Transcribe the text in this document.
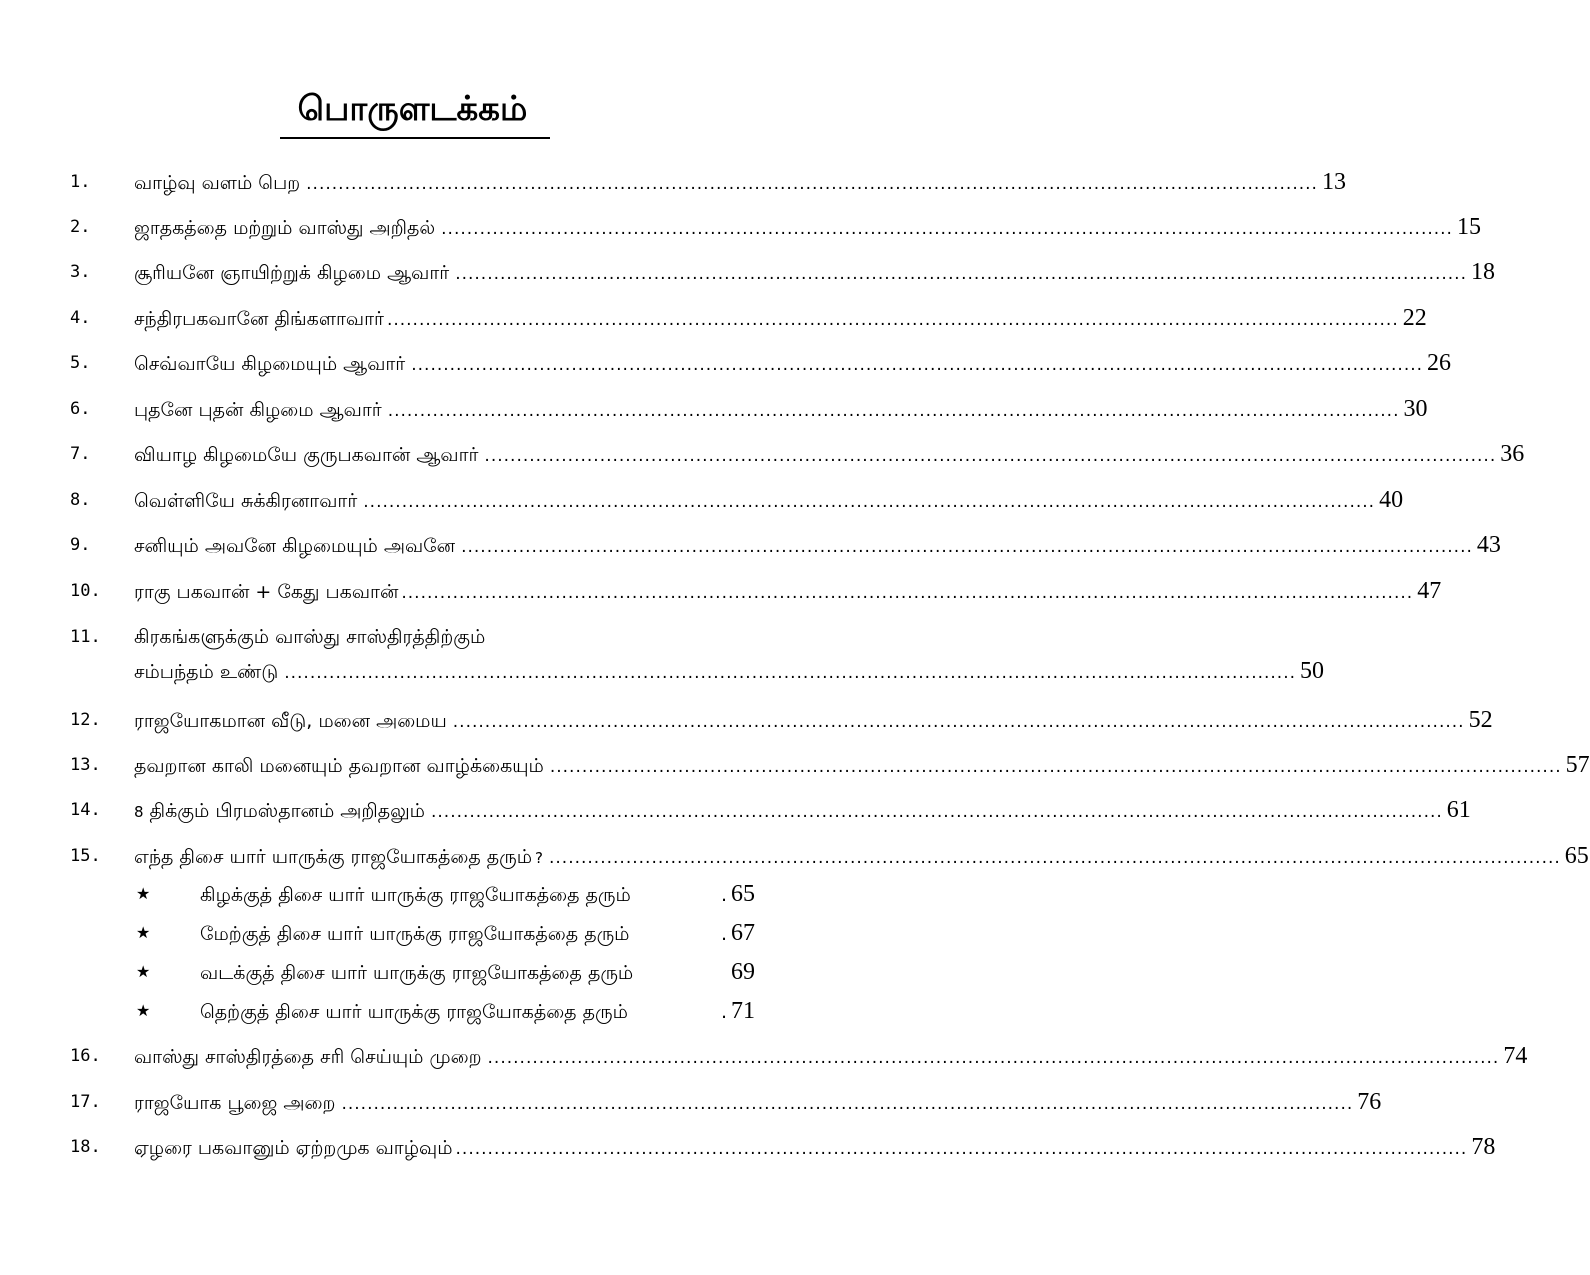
பொருளடக்கம்
1.	வாழ்வு வளம் பெற .............................................................................................................................................................. 13
2.	ஜாதகத்தை மற்றும் வாஸ்து அறிதல் .............................................................................................................................................................. 15
3.	சூரியனே ஞாயிற்றுக் கிழமை ஆவார் .............................................................................................................................................................. 18
4.	சந்திரபகவானே திங்களாவார் .............................................................................................................................................................. 22
5.	செவ்வாயே கிழமையும் ஆவார் .............................................................................................................................................................. 26
6.	புதனே புதன் கிழமை ஆவார் .............................................................................................................................................................. 30
7.	வியாழ கிழமையே குருபகவான் ஆவார் .............................................................................................................................................................. 36
8.	வெள்ளியே சுக்கிரனாவார் .............................................................................................................................................................. 40
9.	சனியும் அவனே கிழமையும் அவனே .............................................................................................................................................................. 43
10.	ராகு பகவான் + கேது பகவான் .............................................................................................................................................................. 47
11.	கிரகங்களுக்கும் வாஸ்து சாஸ்திரத்திற்கும்
சம்பந்தம் உண்டு .............................................................................................................................................................. 50
12.	ராஜயோகமான வீடு, மனை அமைய .............................................................................................................................................................. 52
13.	தவறான காலி மனையும் தவறான வாழ்க்கையும் .............................................................................................................................................................. 57
14.	8 திக்கும் பிரமஸ்தானம் அறிதலும் .............................................................................................................................................................. 61
15.	எந்த திசை யார் யாருக்கு ராஜயோகத்தை தரும் ? .............................................................................................................................................................. 65
★	கிழக்குத் திசை யார் யாருக்கு ராஜயோகத்தை தரும்	. 65
★	மேற்குத் திசை யார் யாருக்கு ராஜயோகத்தை தரும்	. 67
★	வடக்குத் திசை யார் யாருக்கு ராஜயோகத்தை தரும்	69
★	தெற்குத் திசை யார் யாருக்கு ராஜயோகத்தை தரும்	. 71
16.	வாஸ்து சாஸ்திரத்தை சரி செய்யும் முறை .............................................................................................................................................................. 74
17.	ராஜயோக பூஜை அறை .............................................................................................................................................................. 76
18.	ஏழரை பகவானும் ஏற்றமுக வாழ்வும் .............................................................................................................................................................. 78
